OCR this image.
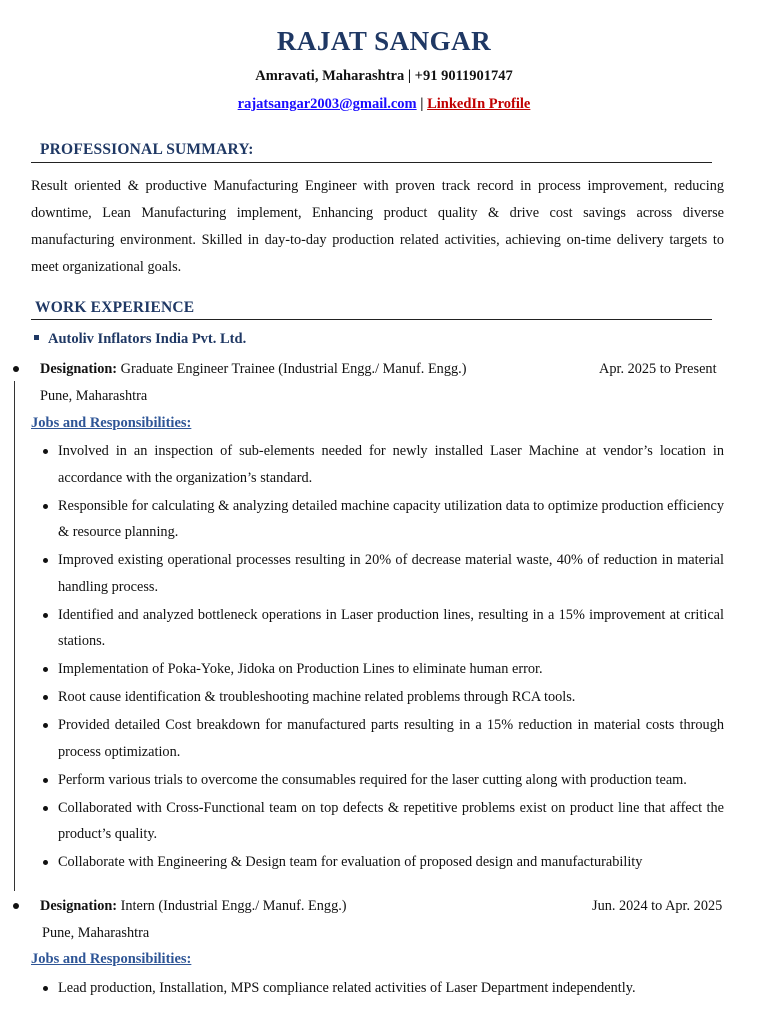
RAJAT SANGAR
Amravati, Maharashtra | +91 9011901747
rajatsangar2003@gmail.com | LinkedIn Profile
PROFESSIONAL SUMMARY:
Result oriented & productive Manufacturing Engineer with proven track record in process improvement, reducing downtime, Lean Manufacturing implement, Enhancing product quality & drive cost savings across diverse manufacturing environment. Skilled in day-to-day production related activities, achieving on-time delivery targets to meet organizational goals.
WORK EXPERIENCE
Autoliv Inflators India Pvt. Ltd.
Designation: Graduate Engineer Trainee (Industrial Engg./ Manuf. Engg.)	Apr. 2025 to Present
Pune, Maharashtra
Jobs and Responsibilities:
Involved in an inspection of sub-elements needed for newly installed Laser Machine at vendor’s location in accordance with the organization’s standard.
Responsible for calculating & analyzing detailed machine capacity utilization data to optimize production efficiency & resource planning.
Improved existing operational processes resulting in 20% of decrease material waste, 40% of reduction in material handling process.
Identified and analyzed bottleneck operations in Laser production lines, resulting in a 15% improvement at critical stations.
Implementation of Poka-Yoke, Jidoka on Production Lines to eliminate human error.
Root cause identification & troubleshooting machine related problems through RCA tools.
Provided detailed Cost breakdown for manufactured parts resulting in a 15% reduction in material costs through process optimization.
Perform various trials to overcome the consumables required for the laser cutting along with production team.
Collaborated with Cross-Functional team on top defects & repetitive problems exist on product line that affect the product’s quality.
Collaborate with Engineering & Design team for evaluation of proposed design and manufacturability
Designation: Intern (Industrial Engg./ Manuf. Engg.)	Jun. 2024 to Apr. 2025
Pune, Maharashtra
Jobs and Responsibilities:
Lead production, Installation, MPS compliance related activities of Laser Department independently.
